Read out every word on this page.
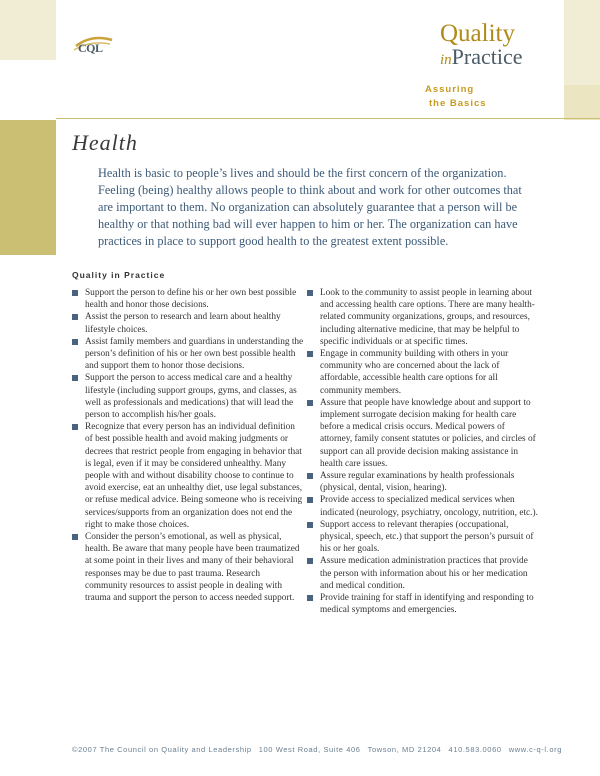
CQL
Quality
inPractice
Assuring
the Basics
Health
Health is basic to people’s lives and should be the first concern of the organization. Feeling (being) healthy allows people to think about and work for other outcomes that are important to them. No organization can absolutely guarantee that a person will be healthy or that nothing bad will ever happen to him or her. The organization can have practices in place to support good health to the greatest extent possible.
Quality in Practice
Support the person to define his or her own best possible health and honor those decisions.
Assist the person to research and learn about healthy lifestyle choices.
Assist family members and guardians in understanding the person’s definition of his or her own best possible health and support them to honor those decisions.
Support the person to access medical care and a healthy lifestyle (including support groups, gyms, and classes, as well as professionals and medications) that will lead the person to accomplish his/her goals.
Recognize that every person has an individual definition of best possible health and avoid making judgments or decrees that restrict people from engaging in behavior that is legal, even if it may be considered unhealthy. Many people with and without disability choose to continue to avoid exercise, eat an unhealthy diet, use legal substances, or refuse medical advice. Being someone who is receiving services/supports from an organization does not end the right to make those choices.
Consider the person’s emotional, as well as physical, health. Be aware that many people have been traumatized at some point in their lives and many of their behavioral responses may be due to past trauma. Research community resources to assist people in dealing with trauma and support the person to access needed support.
Look to the community to assist people in learning about and accessing health care options. There are many health-related community organizations, groups, and resources, including alternative medicine, that may be helpful to specific individuals or at specific times.
Engage in community building with others in your community who are concerned about the lack of affordable, accessible health care options for all community members.
Assure that people have knowledge about and support to implement surrogate decision making for health care before a medical crisis occurs. Medical powers of attorney, family consent statutes or policies, and circles of support can all provide decision making assistance in health care issues.
Assure regular examinations by health professionals (physical, dental, vision, hearing).
Provide access to specialized medical services when indicated (neurology, psychiatry, oncology, nutrition, etc.).
Support access to relevant therapies (occupational, physical, speech, etc.) that support the person’s pursuit of his or her goals.
Assure medication administration practices that provide the person with information about his or her medication and medical condition.
Provide training for staff in identifying and responding to medical symptoms and emergencies.
©2007 The Council on Quality and Leadership 100 West Road, Suite 406 Towson, MD 21204 410.583.0060 www.c-q-l.org
